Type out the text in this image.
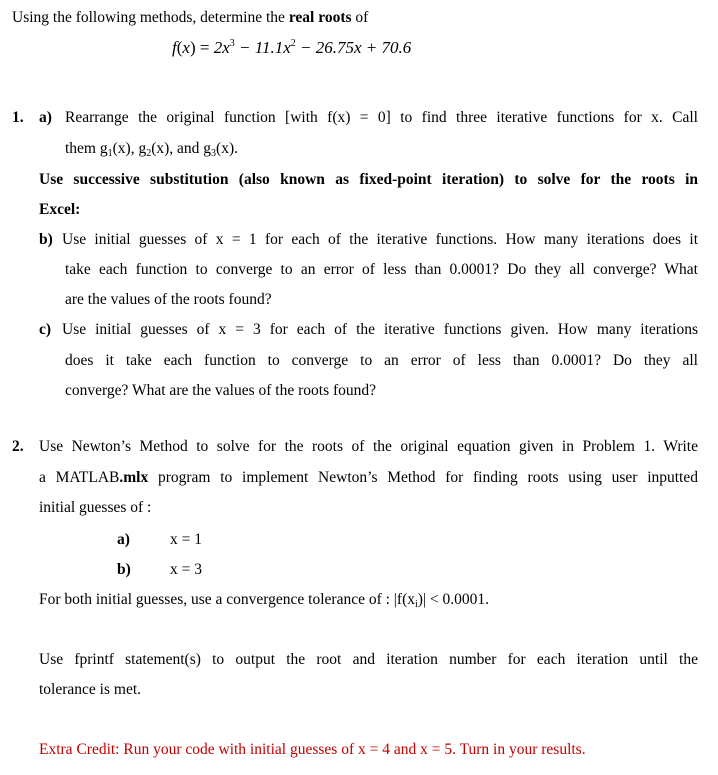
Using the following methods, determine the real roots of
$f(x) = 2x^3 - 11.1x^2 - 26.75x + 70.6$
1. a) Rearrange the original function [with f(x) = 0] to find three iterative functions for x. Call
them $g_1(x)$, $g_2(x)$, and $g_3(x)$.
Use successive substitution (also known as fixed-point iteration) to solve for the roots in
Excel:
b) Use initial guesses of x = 1 for each of the iterative functions. How many iterations does it
take each function to converge to an error of less than 0.0001? Do they all converge? What
are the values of the roots found?
c) Use initial guesses of x = 3 for each of the iterative functions given. How many iterations
does it take each function to converge to an error of less than 0.0001? Do they all
converge? What are the values of the roots found?
2. Use Newton’s Method to solve for the roots of the original equation given in Problem 1. Write
a MATLAB.mlx program to implement Newton’s Method for finding roots using user inputted
initial guesses of :
a)	x = 1
b)	x = 3
For both initial guesses, use a convergence tolerance of : $|f(x_i)| < 0.0001$.
Use fprintf statement(s) to output the root and iteration number for each iteration until the
tolerance is met.
Extra Credit: Run your code with initial guesses of x = 4 and x = 5. Turn in your results.
